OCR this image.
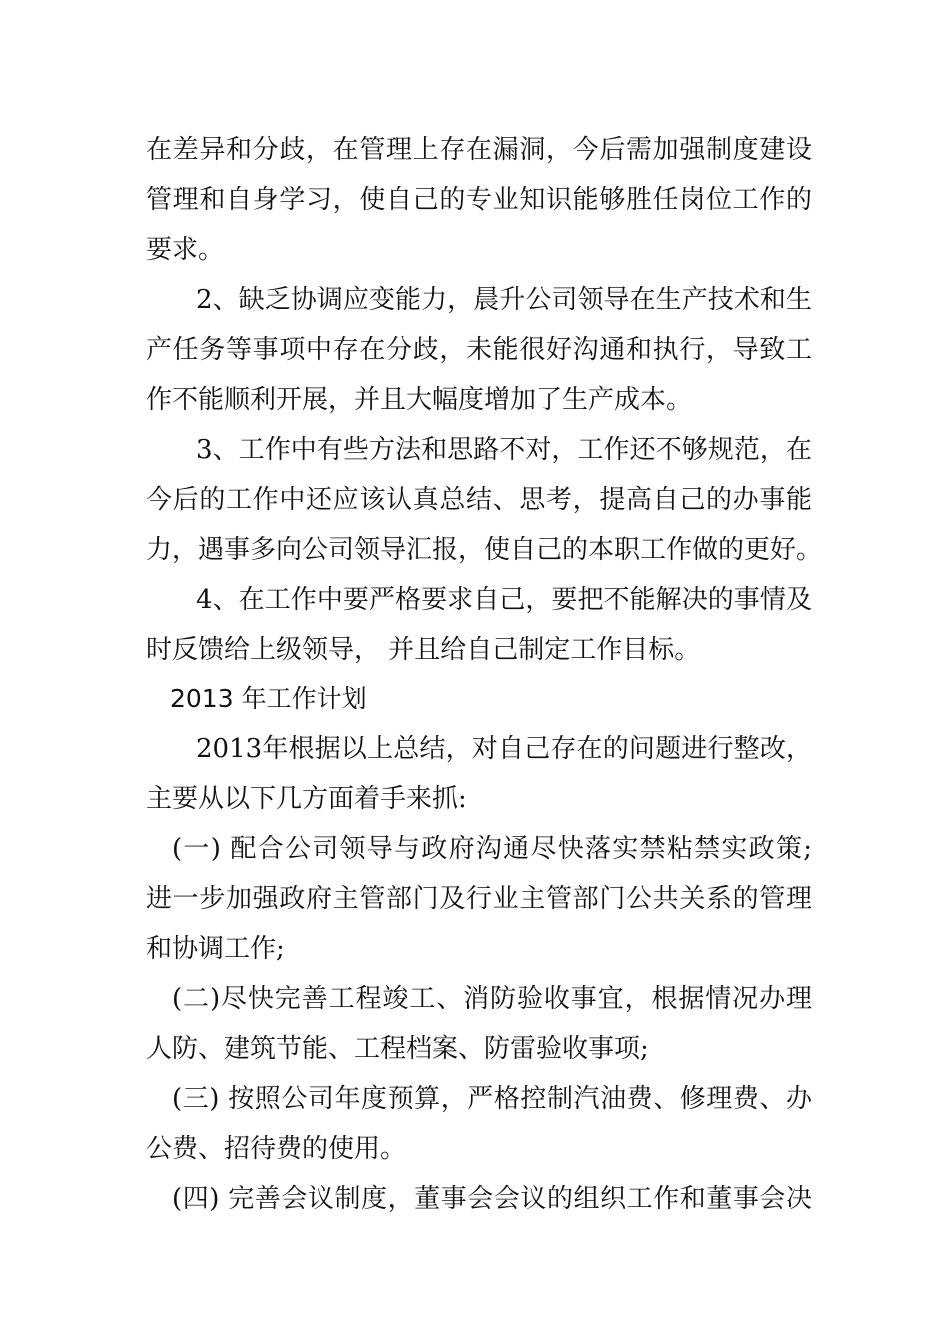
在差异和分歧，在管理上存在漏洞，今后需加强制度建设
管理和自身学习，使自己的专业知识能够胜任岗位工作的
要求。
2、缺乏协调应变能力，晨升公司领导在生产技术和生
产任务等事项中存在分歧，未能很好沟通和执行，导致工
作不能顺利开展，并且大幅度增加了生产成本。
3、工作中有些方法和思路不对，工作还不够规范，在
今后的工作中还应该认真总结、思考，提高自己的办事能
力，遇事多向公司领导汇报，使自己的本职工作做的更好。
4、在工作中要严格要求自己，要把不能解决的事情及
时反馈给上级领导， 并且给自己制定工作目标。
2013 年工作计划
2013年根据以上总结，对自己存在的问题进行整改，
主要从以下几方面着手来抓:
(一) 配合公司领导与政府沟通尽快落实禁粘禁实政策;
进一步加强政府主管部门及行业主管部门公共关系的管理
和协调工作;
(二)尽快完善工程竣工、消防验收事宜，根据情况办理
人防、建筑节能、工程档案、防雷验收事项;
(三) 按照公司年度预算，严格控制汽油费、修理费、办
公费、招待费的使用。
(四) 完善会议制度，董事会会议的组织工作和董事会决
